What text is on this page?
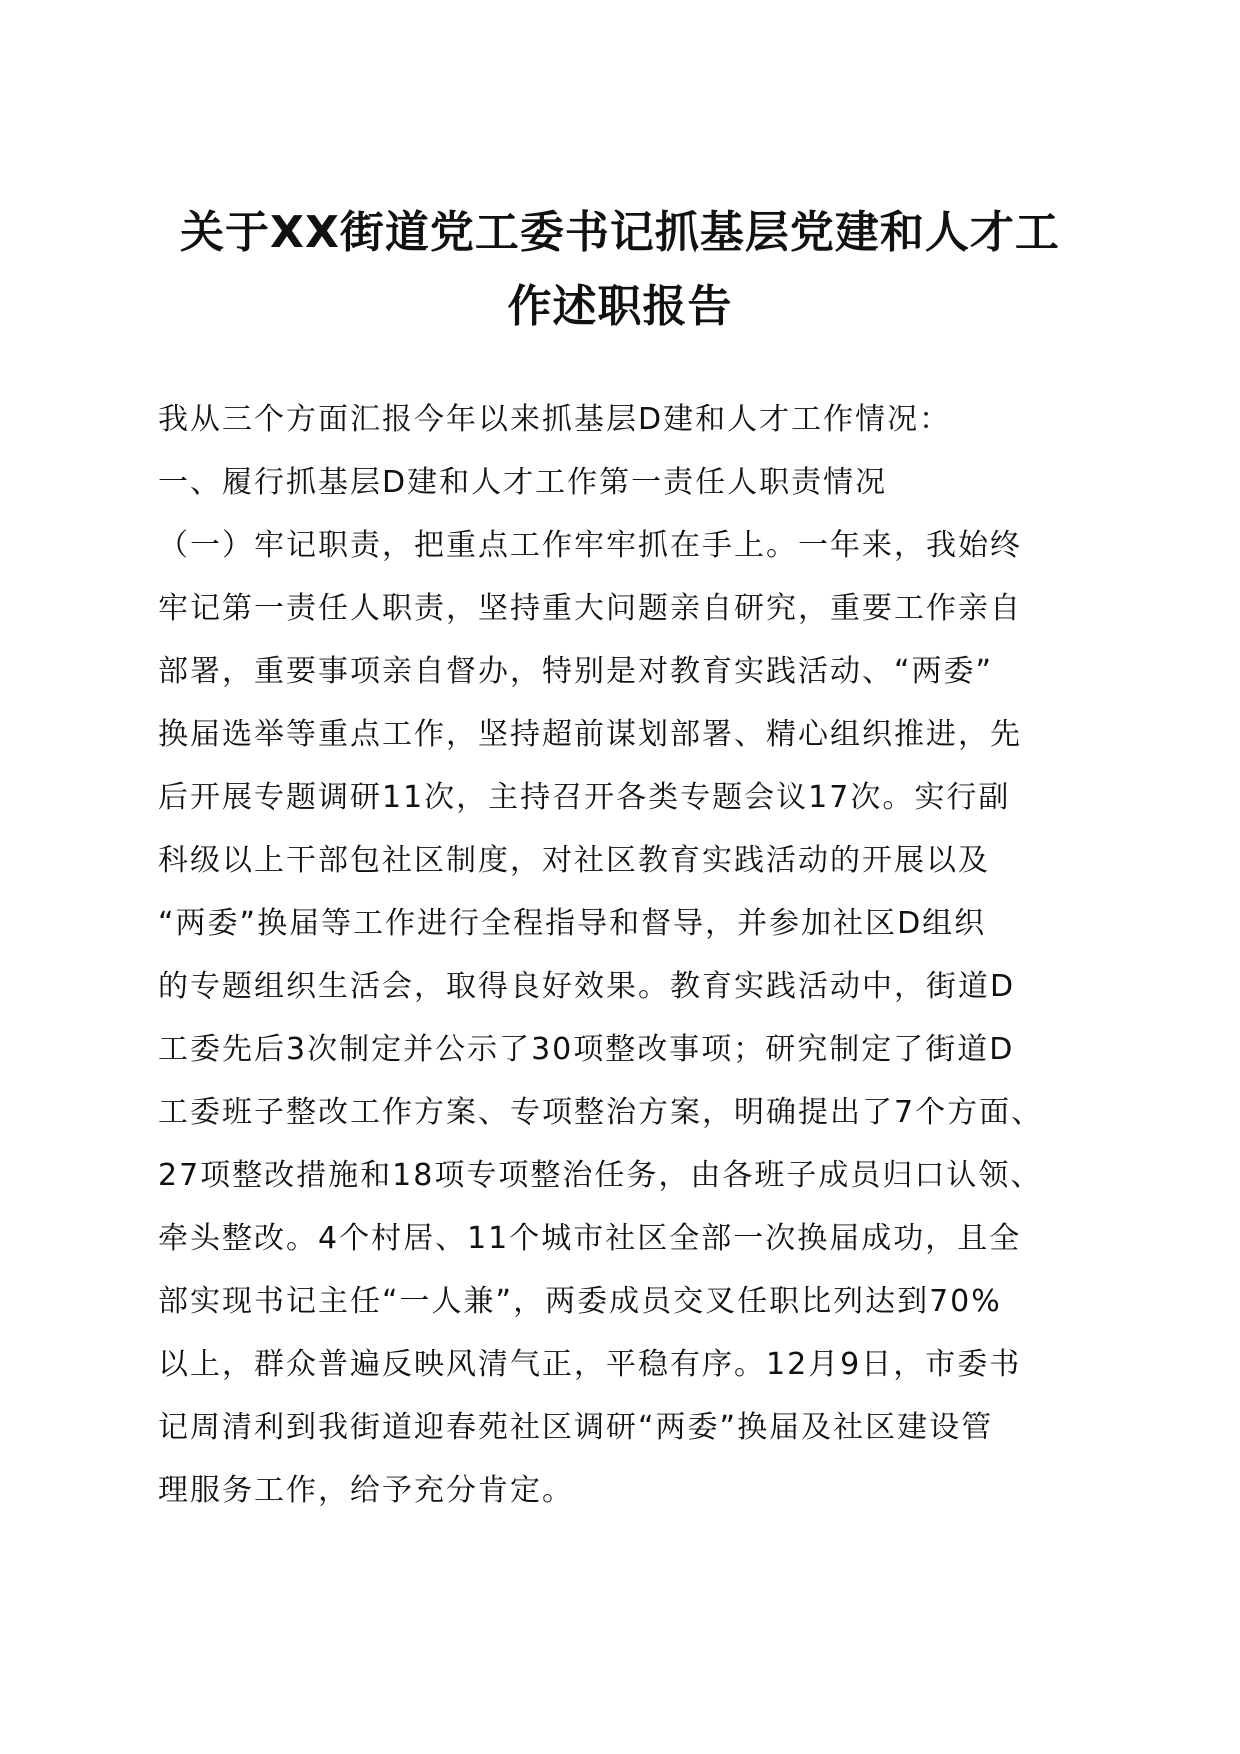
关于XX街道党工委书记抓基层党建和人才工
作述职报告
我从三个方面汇报今年以来抓基层D建和人才工作情况：
一、履行抓基层D建和人才工作第一责任人职责情况
（一）牢记职责，把重点工作牢牢抓在手上。一年来，我始终
牢记第一责任人职责，坚持重大问题亲自研究，重要工作亲自
部署，重要事项亲自督办，特别是对教育实践活动、“两委”
换届选举等重点工作，坚持超前谋划部署、精心组织推进，先
后开展专题调研11次，主持召开各类专题会议17次。实行副
科级以上干部包社区制度，对社区教育实践活动的开展以及
“两委”换届等工作进行全程指导和督导，并参加社区D组织
的专题组织生活会，取得良好效果。教育实践活动中，街道D
工委先后3次制定并公示了30项整改事项；研究制定了街道D
工委班子整改工作方案、专项整治方案，明确提出了7个方面、
27项整改措施和18项专项整治任务，由各班子成员归口认领、
牵头整改。4个村居、11个城市社区全部一次换届成功，且全
部实现书记主任“一人兼”，两委成员交叉任职比列达到70%
以上，群众普遍反映风清气正，平稳有序。12月9日，市委书
记周清利到我街道迎春苑社区调研“两委”换届及社区建设管
理服务工作，给予充分肯定。
